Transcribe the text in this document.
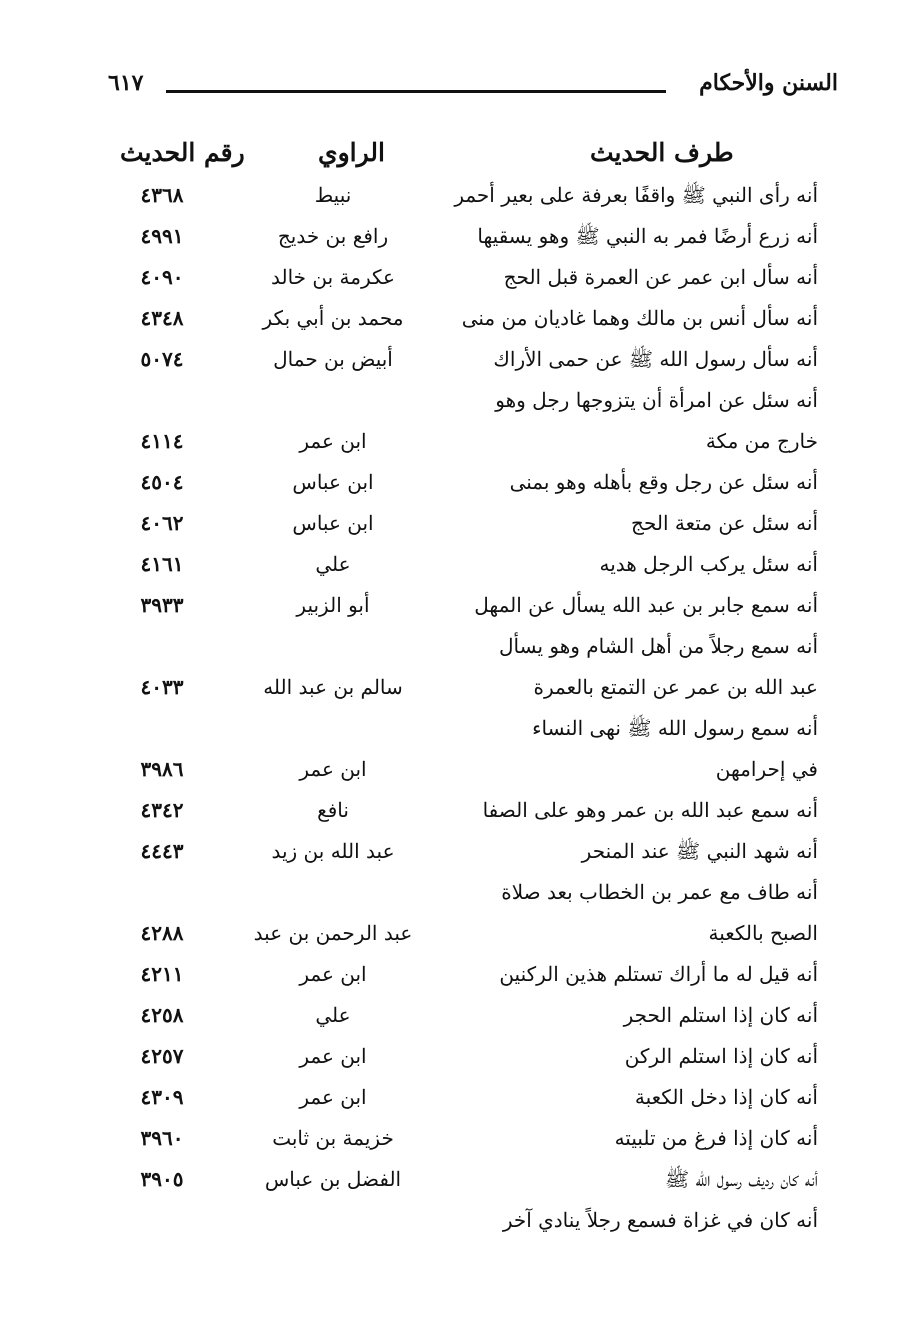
السنن والأحكام
٦١٧
طرف الحديث
الراوي
رقم الحديث
أنه رأى النبي ﷺ واقفًا بعرفة على بعير أحمر
نبيط
٤٣٦٨
أنه زرع أرضًا فمر به النبي ﷺ وهو يسقيها
رافع بن خديج
٤٩٩١
أنه سأل ابن عمر عن العمرة قبل الحج
عكرمة بن خالد
٤٠٩٠
أنه سأل أنس بن مالك وهما غاديان من منى
محمد بن أبي بكر
٤٣٤٨
أنه سأل رسول الله ﷺ عن حمى الأراك
أبيض بن حمال
٥٠٧٤
أنه سئل عن امرأة أن يتزوجها رجل وهو
خارج من مكة
ابن عمر
٤١١٤
أنه سئل عن رجل وقع بأهله وهو بمنى
ابن عباس
٤٥٠٤
أنه سئل عن متعة الحج
ابن عباس
٤٠٦٢
أنه سئل يركب الرجل هديه
علي
٤١٦١
أنه سمع جابر بن عبد الله يسأل عن المهل
أبو الزبير
٣٩٣٣
أنه سمع رجلاً من أهل الشام وهو يسأل
عبد الله بن عمر عن التمتع بالعمرة
سالم بن عبد الله
٤٠٣٣
أنه سمع رسول الله ﷺ نهى النساء
في إحرامهن
ابن عمر
٣٩٨٦
أنه سمع عبد الله بن عمر وهو على الصفا
نافع
٤٣٤٢
أنه شهد النبي ﷺ عند المنحر
عبد الله بن زيد
٤٤٤٣
أنه طاف مع عمر بن الخطاب بعد صلاة
الصبح بالكعبة
عبد الرحمن بن عبد
٤٢٨٨
أنه قيل له ما أراك تستلم هذين الركنين
ابن عمر
٤٢١١
أنه كان إذا استلم الحجر
علي
٤٢٥٨
أنه كان إذا استلم الركن
ابن عمر
٤٢٥٧
أنه كان إذا دخل الكعبة
ابن عمر
٤٣٠٩
أنه كان إذا فرغ من تلبيته
خزيمة بن ثابت
٣٩٦٠
أنه كان رديف رسول الله ﷺ
الفضل بن عباس
٣٩٠٥
أنه كان في غزاة فسمع رجلاً ينادي آخر
